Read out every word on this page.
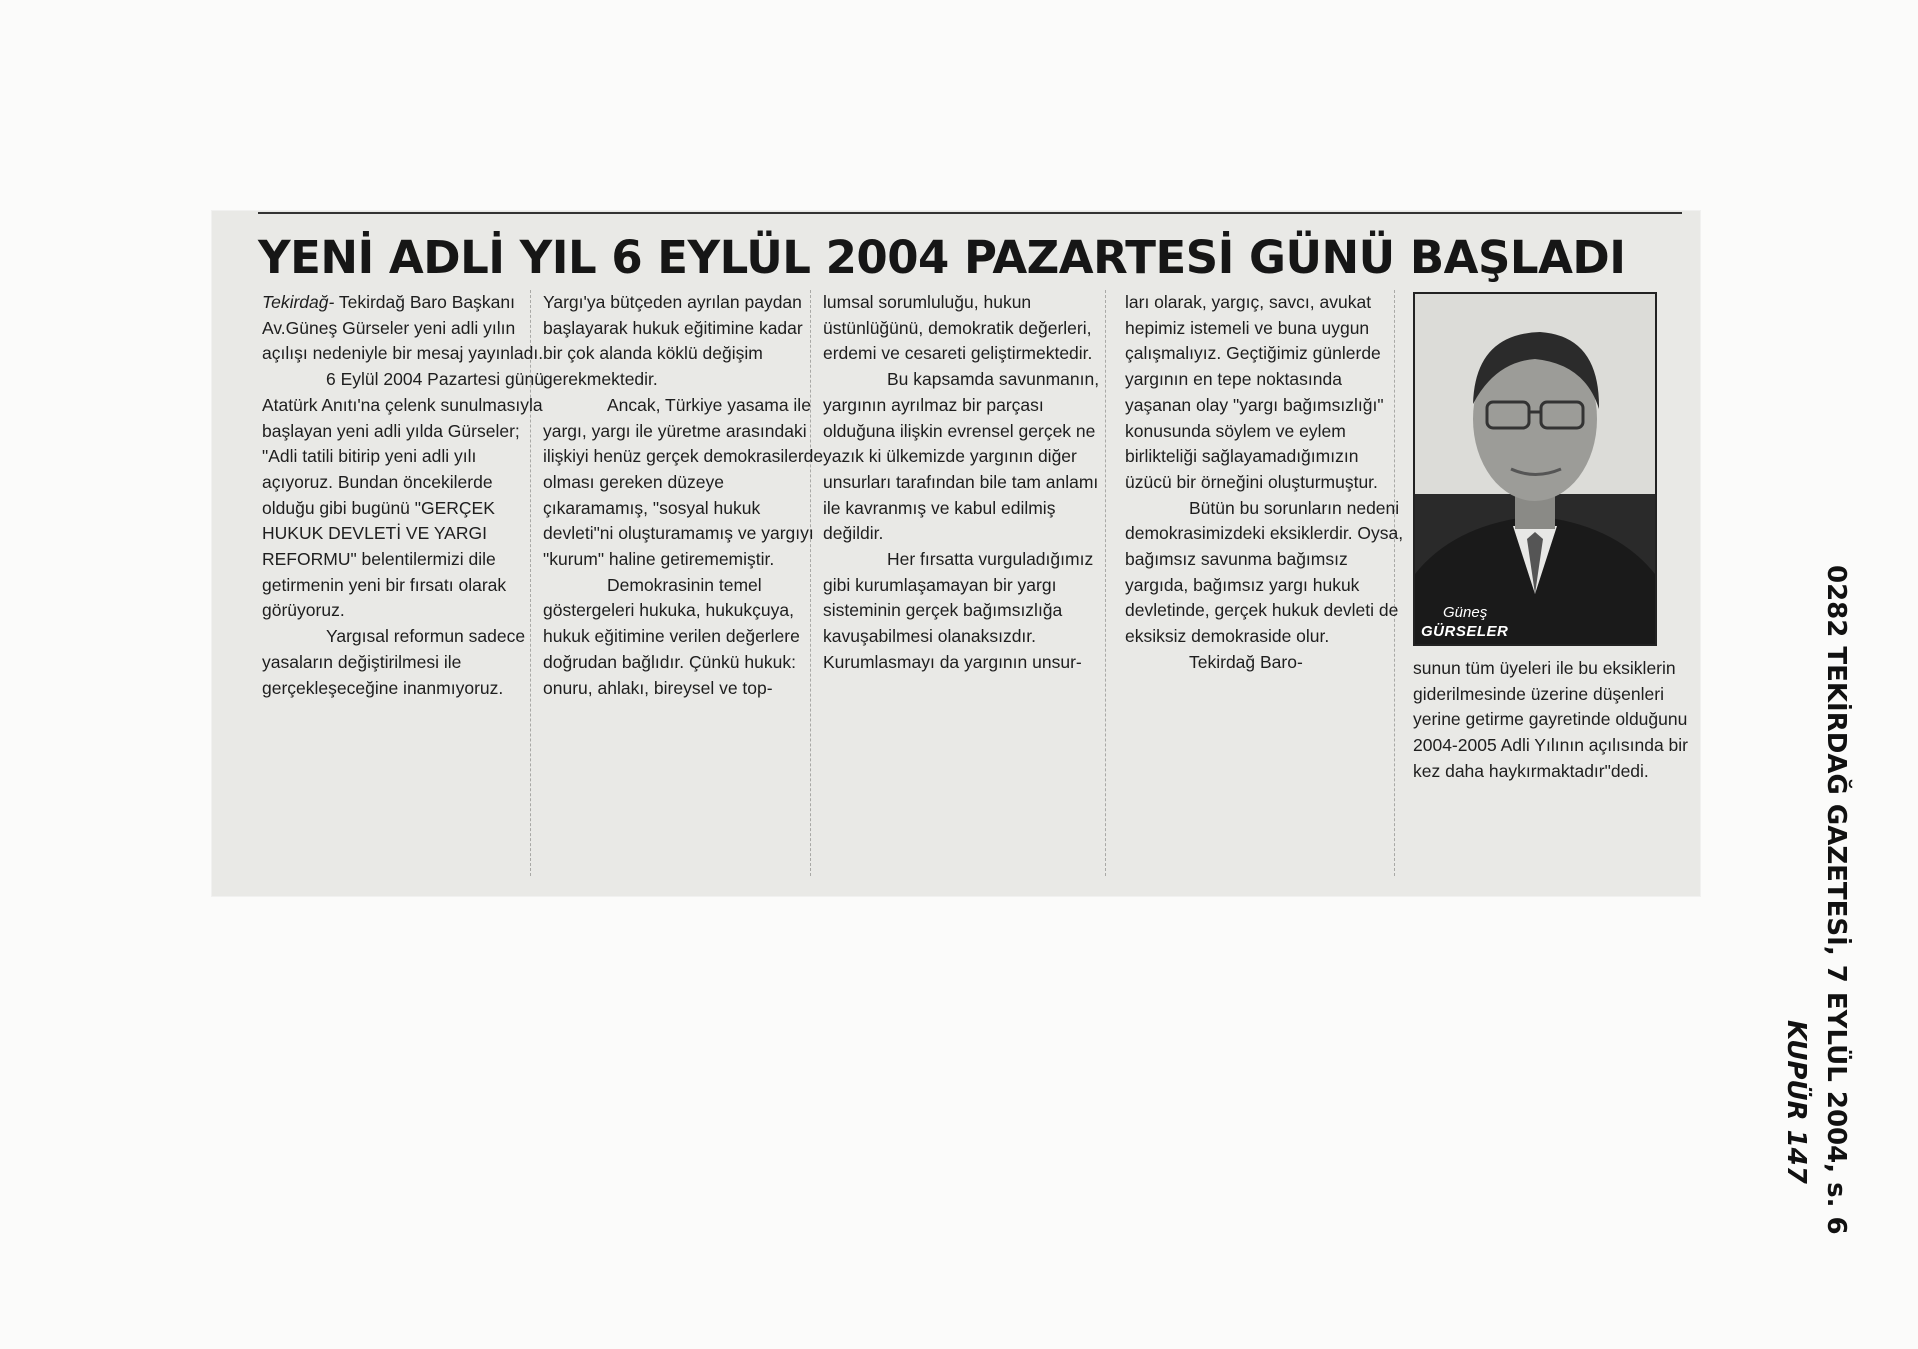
YENİ ADLİ YIL 6 EYLÜL 2004 PAZARTESİ GÜNÜ BAŞLADI

Tekirdağ- Tekirdağ Baro Başkanı Av.Güneş Gürseler yeni adli yılın açılışı nedeniyle bir mesaj yayınladı.

6 Eylül 2004 Pazartesi günü Atatürk Anıtı'na çelenk sunulmasıyla başlayan yeni adli yılda Gürseler; "Adli tatili bitirip yeni adli yılı açıyoruz. Bundan öncekilerde olduğu gibi bugünü "GERÇEK HUKUK DEVLETİ VE YARGI REFORMU" belentilermizi dile getirmenin yeni bir fırsatı olarak görüyoruz.

Yargısal reformun sadece yasaların değiştirilmesi ile gerçekleşeceğine inanmıyoruz.

Yargı'ya bütçeden ayrılan paydan başlayarak hukuk eğitimine kadar bir çok alanda köklü değişim gerekmektedir.

Ancak, Türkiye yasama ile yargı, yargı ile yüretme arasındaki ilişkiyi henüz gerçek demokrasilerde olması gereken düzeye çıkaramamış, "sosyal hukuk devleti"ni oluşturamamış ve yargıyı "kurum" haline getirememiştir.

Demokrasinin temel göstergeleri hukuka, hukukçuya, hukuk eğitimine verilen değerlere doğrudan bağlıdır. Çünkü hukuk: onuru, ahlakı, bireysel ve top-

lumsal sorumluluğu, hukun üstünlüğünü, demokratik değerleri, erdemi ve cesareti geliştirmektedir.

Bu kapsamda savunmanın, yargının ayrılmaz bir parçası olduğuna ilişkin evrensel gerçek ne yazık ki ülkemizde yargının diğer unsurları tarafından bile tam anlamı ile kavranmış ve kabul edilmiş değildir.

Her fırsatta vurguladığımız gibi kurumlaşamayan bir yargı sisteminin gerçek bağımsızlığa kavuşabilmesi olanaksızdır. Kurumlasmayı da yargının unsur-

ları olarak, yargıç, savcı, avukat hepimiz istemeli ve buna uygun çalışmalıyız. Geçtiğimiz günlerde yargının en tepe noktasında yaşanan olay "yargı bağımsızlığı" konusunda söylem ve eylem birlikteliği sağlayamadığımızın üzücü bir örneğini oluşturmuştur.

Bütün bu sorunların nedeni demokrasimizdeki eksiklerdir. Oysa, bağımsız savunma bağımsız yargıda, bağımsız yargı hukuk devletinde, gerçek hukuk devleti de eksiksiz demokraside olur.

Tekirdağ Baro-

Güneş
GÜRSELER

sunun tüm üyeleri ile bu eksiklerin giderilmesinde üzerine düşenleri yerine getirme gayretinde olduğunu 2004-2005 Adli Yılının açılısında bir kez daha haykırmaktadır"dedi.	0282 TEKİRDAĞ GAZETESİ, 7 EYLÜL 2004, s. 6
KUPÜR 147
